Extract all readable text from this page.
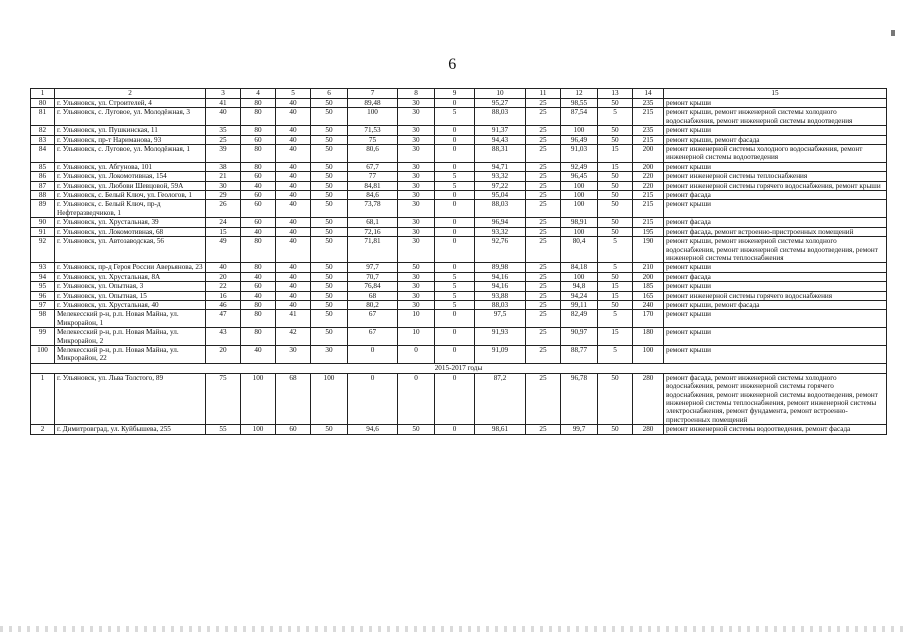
6
1	2	3	4	5	6	7	8	9	10	11	12	13	14	15
80	г. Ульяновск, ул. Строителей, 4	41	80	40	50	89,48	30	0	95,27	25	98,55	50	235	ремонт крыши
81	г. Ульяновск, с. Луговое, ул. Молодёжная, 3	40	80	40	50	100	30	5	88,03	25	87,54	5	215	ремонт крыши, ремонт инженерной системы холодного водоснабжения, ремонт инженерной системы водоотведения
82	г. Ульяновск, ул. Пушкинская, 11	35	80	40	50	71,53	30	0	91,37	25	100	50	235	ремонт крыши
83	г. Ульяновск, пр-т Нариманова, 93	25	60	40	50	75	30	0	94,43	25	96,49	50	215	ремонт крыши, ремонт фасада
84	г. Ульяновск, с. Луговое, ул. Молодёжная, 1	39	80	40	50	80,6	30	0	88,31	25	91,03	15	200	ремонт инженерной системы холодного водоснабжения, ремонт инженерной системы водоотведения
85	г. Ульяновск, ул. Абгунова, 101	38	80	40	50	67,7	30	0	94,71	25	92,49	15	200	ремонт крыши
86	г. Ульяновск, ул. Локомотивная, 154	21	60	40	50	77	30	5	93,32	25	96,45	50	220	ремонт инженерной системы теплоснабжения
87	г. Ульяновск, ул. Любови Шевцовой, 59А	30	40	40	50	84,81	30	5	97,22	25	100	50	220	ремонт инженерной системы горячего водоснабжения, ремонт крыши
88	г. Ульяновск, с. Белый Ключ, ул. Геологов, 1	29	60	40	50	84,6	30	0	95,04	25	100	50	215	ремонт фасада
89	г. Ульяновск, с. Белый Ключ, пр-д Нефтеразведчиков, 1	26	60	40	50	73,78	30	0	88,03	25	100	50	215	ремонт крыши
90	г. Ульяновск, ул. Хрустальная, 39	24	60	40	50	68,1	30	0	96,94	25	98,91	50	215	ремонт фасада
91	г. Ульяновск, ул. Локомотивная, 68	15	40	40	50	72,16	30	0	93,32	25	100	50	195	ремонт фасада, ремонт встроенно-пристроенных помещений
92	г. Ульяновск, ул. Автозаводская, 56	49	80	40	50	71,81	30	0	92,76	25	80,4	5	190	ремонт крыши, ремонт инженерной системы холодного водоснабжения, ремонт инженерной системы водоотведения, ремонт инженерной системы теплоснабжения
93	г. Ульяновск, пр-д Героя России Аверьянова, 23	40	80	40	50	97,7	50	0	89,98	25	84,18	5	210	ремонт крыши
94	г. Ульяновск, ул. Хрустальная, 8А	20	40	40	50	70,7	30	5	94,16	25	100	50	200	ремонт фасада
95	г. Ульяновск, ул. Опытная, 3	22	60	40	50	76,84	30	5	94,16	25	94,8	15	185	ремонт крыши
96	г. Ульяновск, ул. Опытная, 15	16	40	40	50	68	30	5	93,88	25	94,24	15	165	ремонт инженерной системы горячего водоснабжения
97	г. Ульяновск, ул. Хрустальная, 40	46	80	40	50	80,2	30	5	88,03	25	99,11	50	240	ремонт крыши, ремонт фасада
98	Мелекесский р-н, р.п. Новая Майна, ул. Микрорайон, 1	47	80	41	50	67	10	0	97,5	25	82,49	5	170	ремонт крыши
99	Мелекесский р-н, р.п. Новая Майна, ул. Микрорайон, 2	43	80	42	50	67	10	0	91,93	25	90,97	15	180	ремонт крыши
100	Мелекесский р-н, р.п. Новая Майна, ул. Микрорайон, 22	20	40	30	30	0	0	0	91,09	25	88,77	5	100	ремонт крыши
2015-2017 годы														
1	г. Ульяновск, ул. Льва Толстого, 89	75	100	68	100	0	0	0	87,2	25	96,78	50	280	ремонт фасада, ремонт инженерной системы холодного водоснабжения, ремонт инженерной системы горячего водоснабжения, ремонт инженерной системы водоотведения, ремонт инженерной системы теплоснабжения, ремонт инженерной системы электроснабжения, ремонт фундамента, ремонт встроенно-пристроенных помещений
2	г. Димитровград, ул. Куйбышева, 255	55	100	60	50	94,6	50	0	98,61	25	99,7	50	280	ремонт инженерной системы водоотведения, ремонт фасада
